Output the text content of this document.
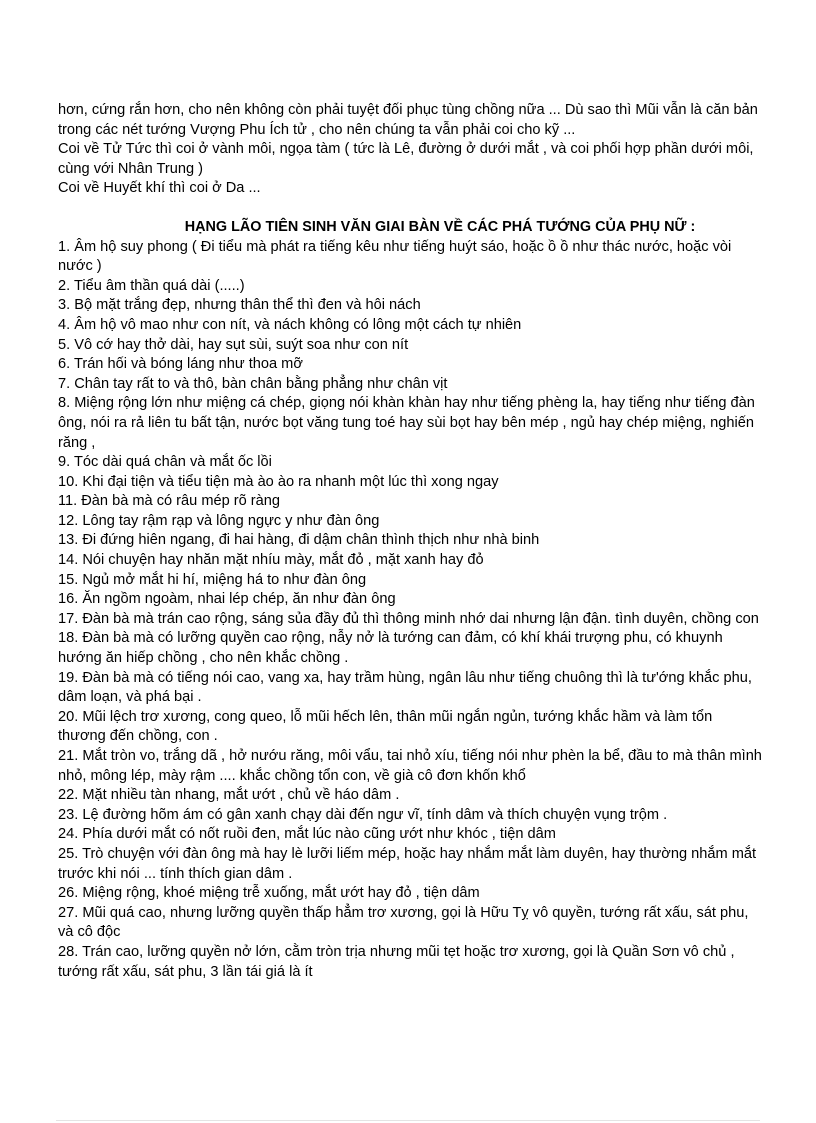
hơn, cứng rắn hơn, cho nên không còn phải tuyệt đối phục tùng chồng nữa ... Dù sao thì Mũi vẫn là căn bản trong các nét tướng Vượng Phu Ích tử , cho nên chúng ta vẫn phải coi cho kỹ ...

Coi về Tử Tức thì coi ở vành môi, ngọa tàm ( tức là Lê, đường ở dưới mắt , và coi phối hợp phần dưới môi, cùng với Nhân Trung )

Coi về Huyết khí thì coi ở Da ...

HẠNG LÃO TIÊN SINH VĂN GIAI BÀN VỀ CÁC PHÁ TƯỚNG CỦA PHỤ NỮ :

1. Âm hộ suy phong ( Đi tiểu mà phát ra tiếng kêu như tiếng huýt sáo, hoặc ồ ồ như thác nước, hoặc vòi nước )

2. Tiểu âm thần quá dài (.....)

3. Bộ mặt trắng đẹp, nhưng thân thể thì đen và hôi nách

4. Âm hộ vô mao như con nít, và nách không có lông một cách tự nhiên

5. Vô cớ hay thở dài, hay sụt sùi, suýt soa như con nít

6. Trán hối và bóng láng như thoa mỡ

7. Chân tay rất to và thô, bàn chân bằng phẳng như chân vịt

8. Miệng rộng lớn như miệng cá chép, giọng nói khàn khàn hay như tiếng phèng la, hay tiếng như tiếng đàn ông, nói ra rả liên tu bất tận, nước bọt văng tung toé hay sùi bọt hay bên mép , ngủ hay chép miệng, nghiến răng ,

9. Tóc dài quá chân và mắt ốc lồi

10. Khi đại tiện và tiểu tiện mà ào ào ra nhanh một lúc thì xong ngay

11. Đàn bà mà có râu mép rõ ràng

12. Lông tay rậm rạp và lông ngực y như đàn ông

13. Đi đứng hiên ngang, đi hai hàng, đi dậm chân thình thịch như nhà binh

14. Nói chuyện hay nhăn mặt nhíu mày, mắt đỏ , mặt xanh hay đỏ

15. Ngủ mở mắt hi hí, miệng há to như đàn ông

16. Ăn ngồm ngoàm, nhai lép chép, ăn như đàn ông

17. Đàn bà mà trán cao rộng, sáng sủa đầy đủ thì thông minh nhớ dai nhưng lận đận. tình duyên, chồng con

18. Đàn bà mà có lưỡng quyền cao rộng, nẫy nở là tướng can đảm, có khí khái trượng phu, có khuynh hướng ăn hiếp chồng , cho nên khắc chồng .

19. Đàn bà mà có tiếng nói cao, vang xa, hay trầm hùng, ngân lâu như tiếng chuông thì là tư'ớng khắc phu, dâm loạn, và phá bại .

20. Mũi lệch trơ xương, cong queo, lỗ mũi hếch lên, thân mũi ngắn ngủn, tướng khắc hầm và làm tổn thương đến chồng, con .

21. Mắt tròn vo, trắng dã , hở nướu răng, môi vẩu, tai nhỏ xíu, tiếng nói như phèn la bể, đầu to mà thân mình nhỏ, mông lép, mày rậm .... khắc chồng tổn con, về già cô đơn khốn khổ

22. Mặt nhiều tàn nhang, mắt ướt , chủ về háo dâm .

23. Lệ đường hõm ám có gân xanh chạy dài đến ngư vĩ, tính dâm và thích chuyện vụng trộm .

24. Phía dưới mắt có nốt ruồi đen, mắt lúc nào cũng ướt như khóc , tiện dâm

25. Trò chuyện với đàn ông mà hay lè lưỡi liếm mép, hoặc hay nhắm mắt làm duyên, hay thường nhắm mắt trước khi nói ... tính thích gian dâm .

26. Miệng rộng, khoé miệng trễ xuống, mắt ướt hay đỏ , tiện dâm

27. Mũi quá cao, nhưng lưỡng quyền thấp hẳm trơ xương, gọi là Hữu Tỵ vô quyền, tướng rất xấu, sát phu, và cô độc

28. Trán cao, lưỡng quyền nở lớn, cằm tròn trịa nhưng mũi tẹt hoặc trơ xương, gọi là Quần Sơn vô chủ , tướng rất xấu, sát phu, 3 lần tái giá là ít
